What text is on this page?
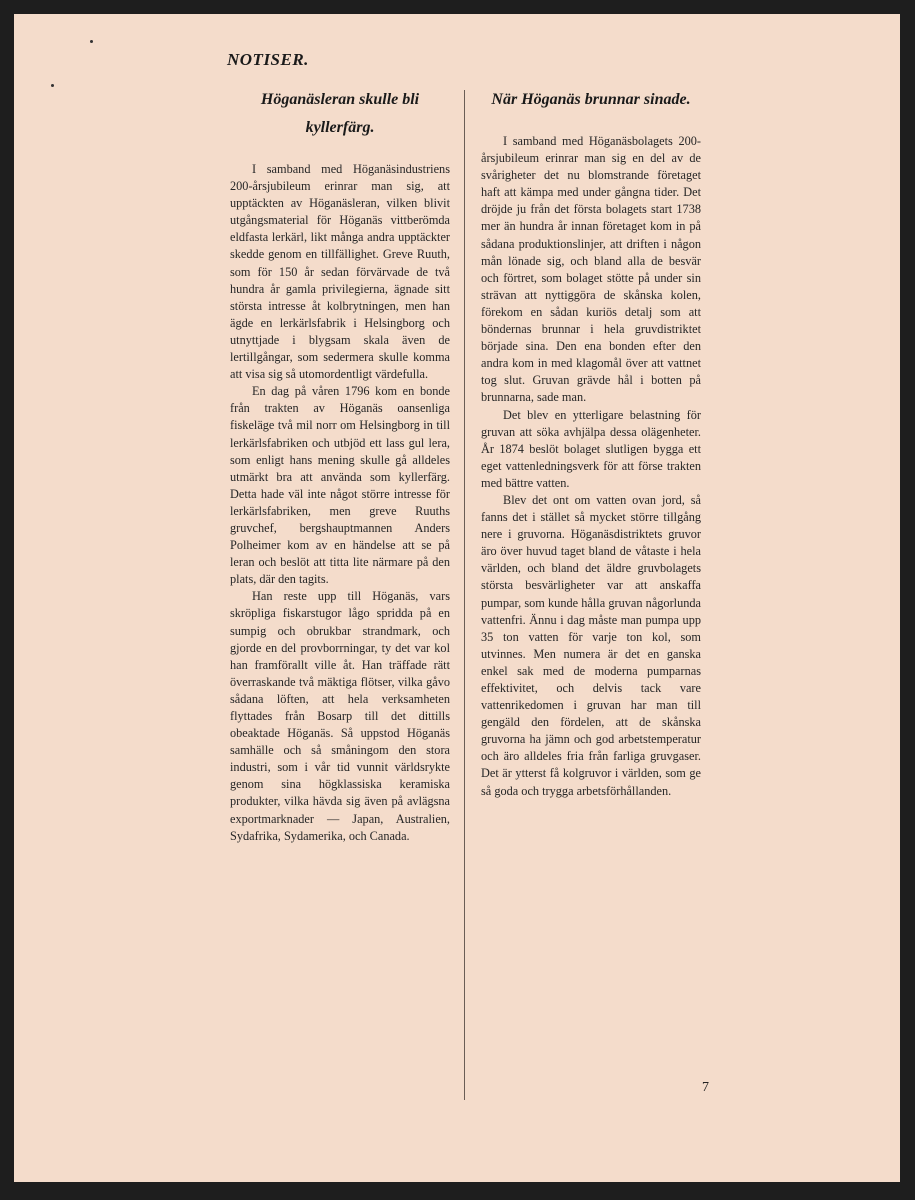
NOTISER.
Höganäsleran skulle bli kyllerfärg.

I samband med Höganäsindustriens 200-årsjubileum erinrar man sig, att upptäckten av Höganäsleran, vilken blivit utgångsmaterial för Höganäs vittberömda eldfasta lerkärl, likt många andra upptäckter skedde genom en tillfällighet. Greve Ruuth, som för 150 år sedan förvärvade de två hundra år gamla privilegierna, ägnade sitt största intresse åt kolbrytningen, men han ägde en lerkärlsfabrik i Helsingborg och utnyttjade i blygsam skala även de lertillgångar, som sedermera skulle komma att visa sig så utomordentligt värdefulla.

En dag på våren 1796 kom en bonde från trakten av Höganäs oansenliga fiskeläge två mil norr om Helsingborg in till lerkärlsfabriken och utbjöd ett lass gul lera, som enligt hans mening skulle gå alldeles utmärkt bra att använda som kyllerfärg. Detta hade väl inte något större intresse för lerkärlsfabriken, men greve Ruuths gruvchef, bergshauptmannen Anders Polheimer kom av en händelse att se på leran och beslöt att titta lite närmare på den plats, där den tagits.

Han reste upp till Höganäs, vars skröpliga fiskarstugor lågo spridda på en sumpig och obrukbar strandmark, och gjorde en del provborrningar, ty det var kol han framförallt ville åt. Han träffade rätt överraskande två mäktiga flötser, vilka gåvo sådana löften, att hela verksamheten flyttades från Bosarp till det dittills obeaktade Höganäs. Så uppstod Höganäs samhälle och så småningom den stora industri, som i vår tid vunnit världsrykte genom sina högklassiska keramiska produkter, vilka hävda sig även på avlägsna exportmarknader — Japan, Australien, Sydafrika, Sydamerika, och Canada.

När Höganäs brunnar sinade.

I samband med Höganäsbolagets 200-årsjubileum erinrar man sig en del av de svårigheter det nu blomstrande företaget haft att kämpa med under gångna tider. Det dröjde ju från det första bolagets start 1738 mer än hundra år innan företaget kom in på sådana produktionslinjer, att driften i någon mån lönade sig, och bland alla de besvär och förtret, som bolaget stötte på under sin strävan att nyttiggöra de skånska kolen, förekom en sådan kuriös detalj som att böndernas brunnar i hela gruvdistriktet började sina. Den ena bonden efter den andra kom in med klagomål över att vattnet tog slut. Gruvan grävde hål i botten på brunnarna, sade man.

Det blev en ytterligare belastning för gruvan att söka avhjälpa dessa olägenheter. År 1874 beslöt bolaget slutligen bygga ett eget vattenledningsverk för att förse trakten med bättre vatten.

Blev det ont om vatten ovan jord, så fanns det i stället så mycket större tillgång nere i gruvorna. Höganäsdistriktets gruvor äro över huvud taget bland de våtaste i hela världen, och bland det äldre gruvbolagets största besvärligheter var att anskaffa pumpar, som kunde hålla gruvan någorlunda vattenfri. Ännu i dag måste man pumpa upp 35 ton vatten för varje ton kol, som utvinnes. Men numera är det en ganska enkel sak med de moderna pumparnas effektivitet, och delvis tack vare vattenrikedomen i gruvan har man till gengäld den fördelen, att de skånska gruvorna ha jämn och god arbetstemperatur och äro alldeles fria från farliga gruvgaser. Det är ytterst få kolgruvor i världen, som ge så goda och trygga arbetsförhållanden.

7
